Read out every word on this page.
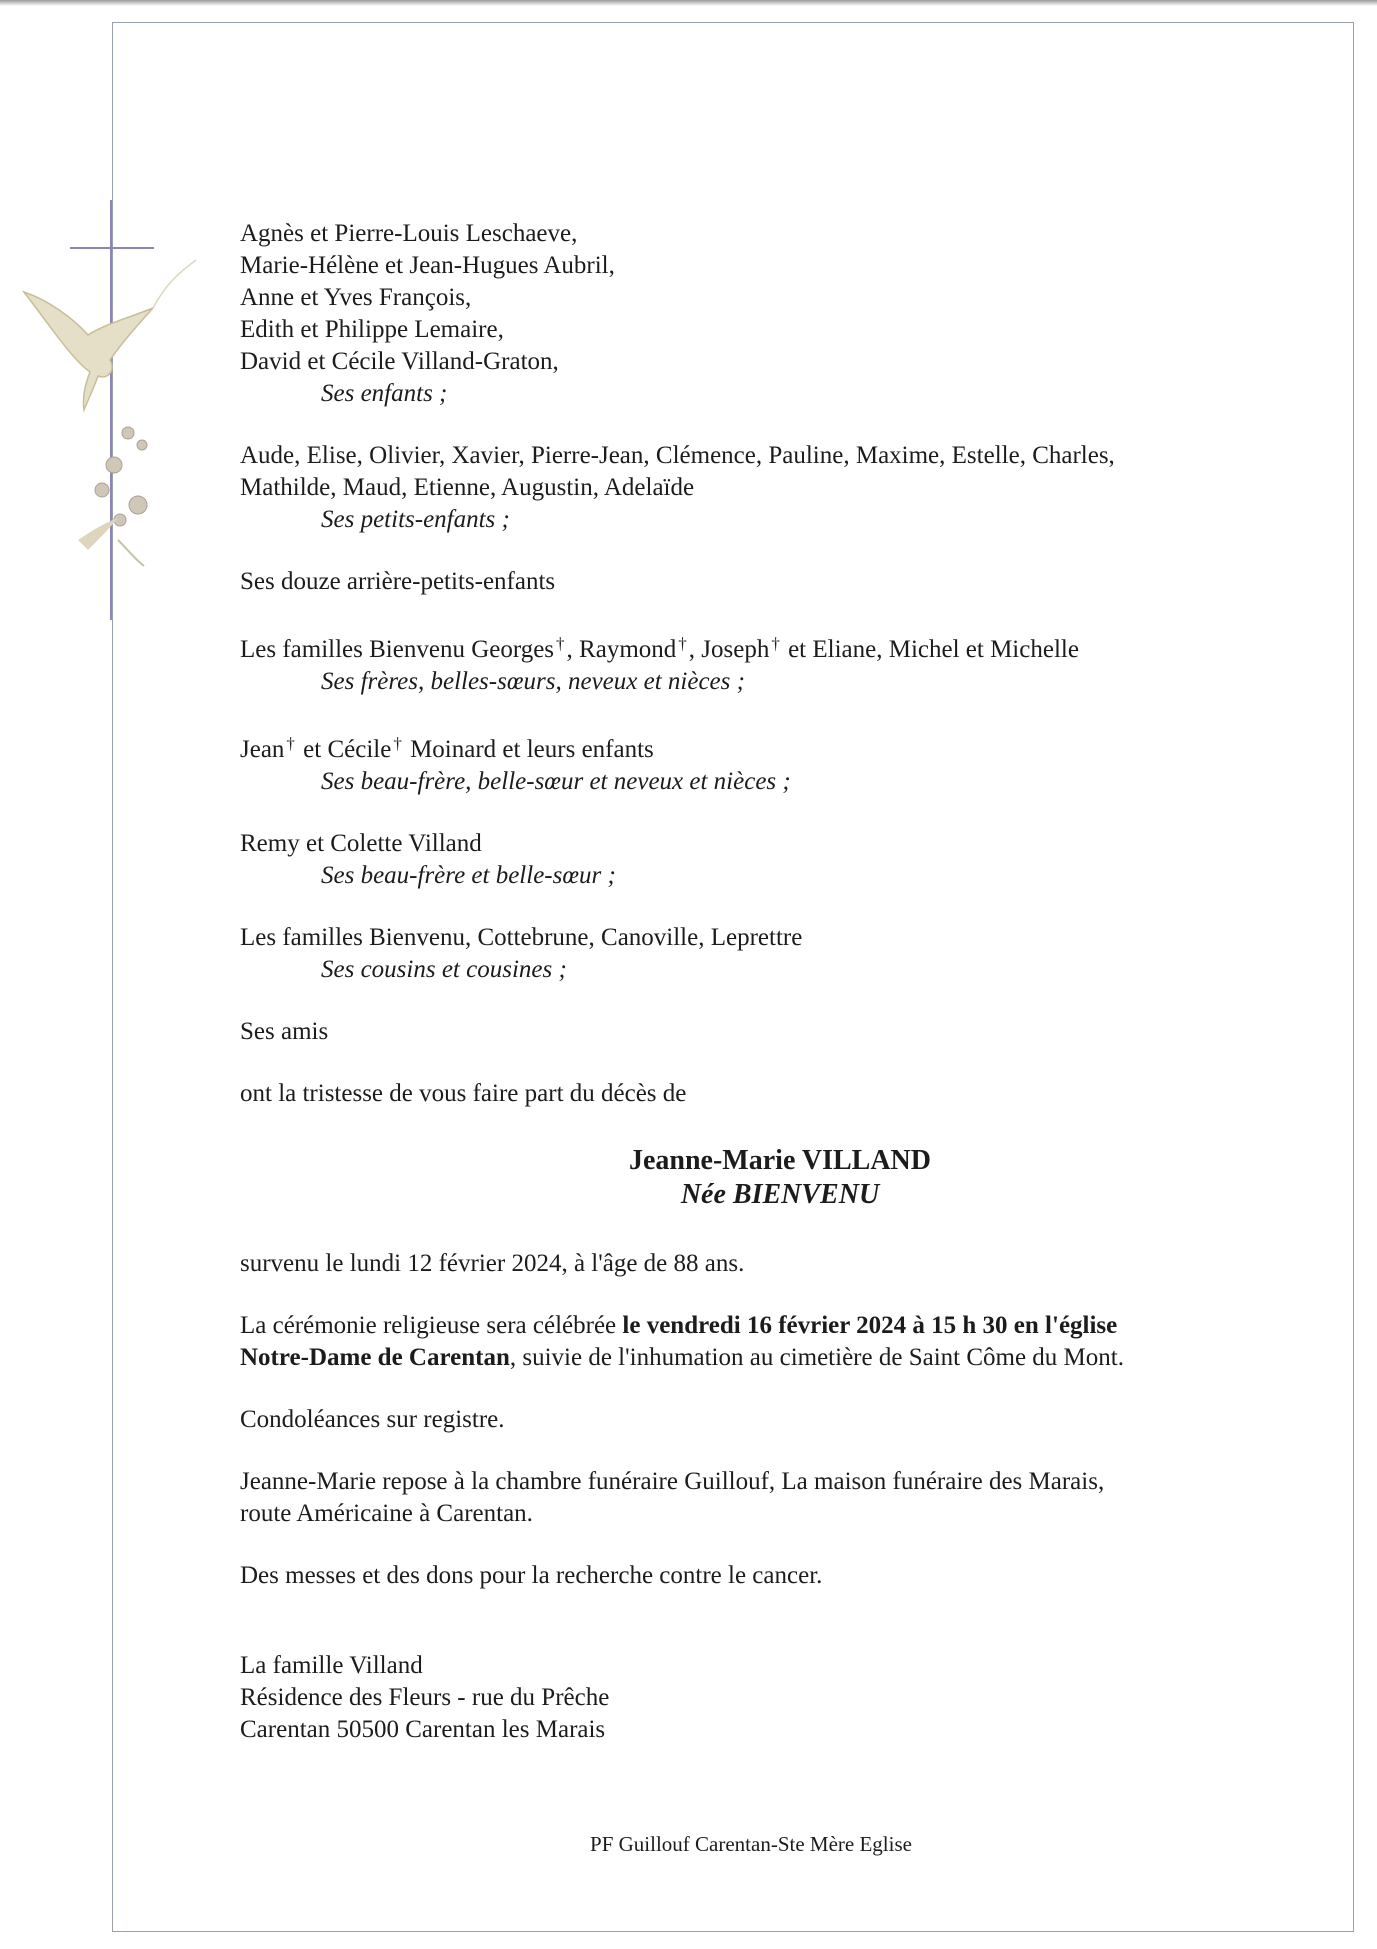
Agnès et Pierre-Louis Leschaeve,
Marie-Hélène et Jean-Hugues Aubril,
Anne et Yves François,
Edith et Philippe Lemaire,
David et Cécile Villand-Graton,
Ses enfants ;
Aude, Elise, Olivier, Xavier, Pierre-Jean, Clémence, Pauline, Maxime, Estelle, Charles,
Mathilde, Maud, Etienne, Augustin, Adelaïde
Ses petits-enfants ;
Ses douze arrière-petits-enfants
Les familles Bienvenu Georges †, Raymond †, Joseph † et Eliane, Michel et Michelle
Ses frères, belles-sœurs, neveux et nièces ;
Jean † et Cécile † Moinard et leurs enfants
Ses beau-frère, belle-sœur et neveux et nièces ;
Remy et Colette Villand
Ses beau-frère et belle-sœur ;
Les familles Bienvenu, Cottebrune, Canoville, Leprettre
Ses cousins et cousines ;
Ses amis
ont la tristesse de vous faire part du décès de
Jeanne-Marie VILLAND
Née BIENVENU
survenu le lundi 12 février 2024, à l'âge de 88 ans.
La cérémonie religieuse sera célébrée le vendredi 16 février 2024 à 15 h 30 en l'église
Notre-Dame de Carentan, suivie de l'inhumation au cimetière de Saint Côme du Mont.
Condoléances sur registre.
Jeanne-Marie repose à la chambre funéraire Guillouf, La maison funéraire des Marais,
route Américaine à Carentan.
Des messes et des dons pour la recherche contre le cancer.
La famille Villand
Résidence des Fleurs - rue du Prêche
Carentan 50500 Carentan les Marais
PF Guillouf Carentan-Ste Mère Eglise
